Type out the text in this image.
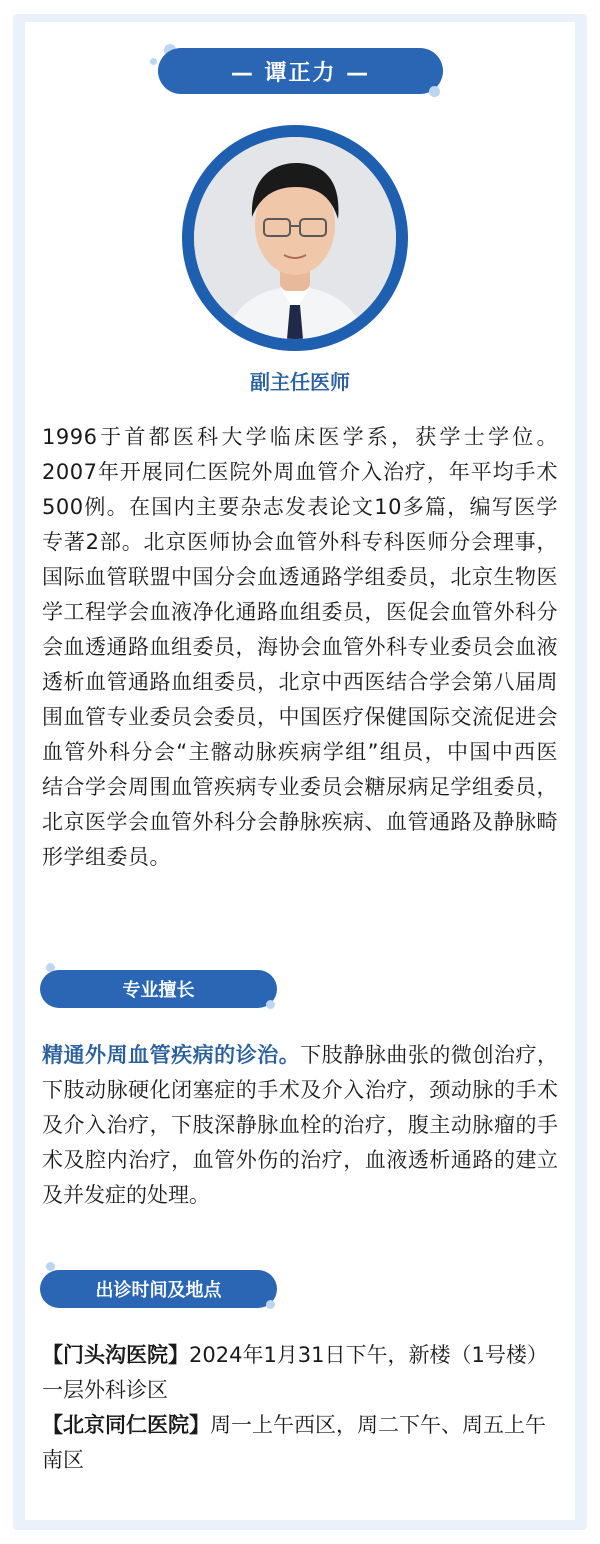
— 谭正力 —
副主任医师

1996于首都医科大学临床医学系，获学士学位。2007年开展同仁医院外周血管介入治疗，年平均手术500例。在国内主要杂志发表论文10多篇，编写医学专著2部。北京医师协会血管外科专科医师分会理事，国际血管联盟中国分会血透通路学组委员，北京生物医学工程学会血液净化通路血组委员，医促会血管外科分会血透通路血组委员，海协会血管外科专业委员会血液透析血管通路血组委员，北京中西医结合学会第八届周围血管专业委员会委员，中国医疗保健国际交流促进会血管外科分会“主髂动脉疾病学组”组员，中国中西医结合学会周围血管疾病专业委员会糖尿病足学组委员，北京医学会血管外科分会静脉疾病、血管通路及静脉畸形学组委员。

专业擅长

精通外周血管疾病的诊治。下肢静脉曲张的微创治疗，下肢动脉硬化闭塞症的手术及介入治疗，颈动脉的手术及介入治疗，下肢深静脉血栓的治疗，腹主动脉瘤的手术及腔内治疗，血管外伤的治疗，血液透析通路的建立及并发症的处理。

出诊时间及地点

【门头沟医院】2024年1月31日下午，新楼（1号楼）一层外科诊区

【北京同仁医院】周一上午西区，周二下午、周五上午南区
